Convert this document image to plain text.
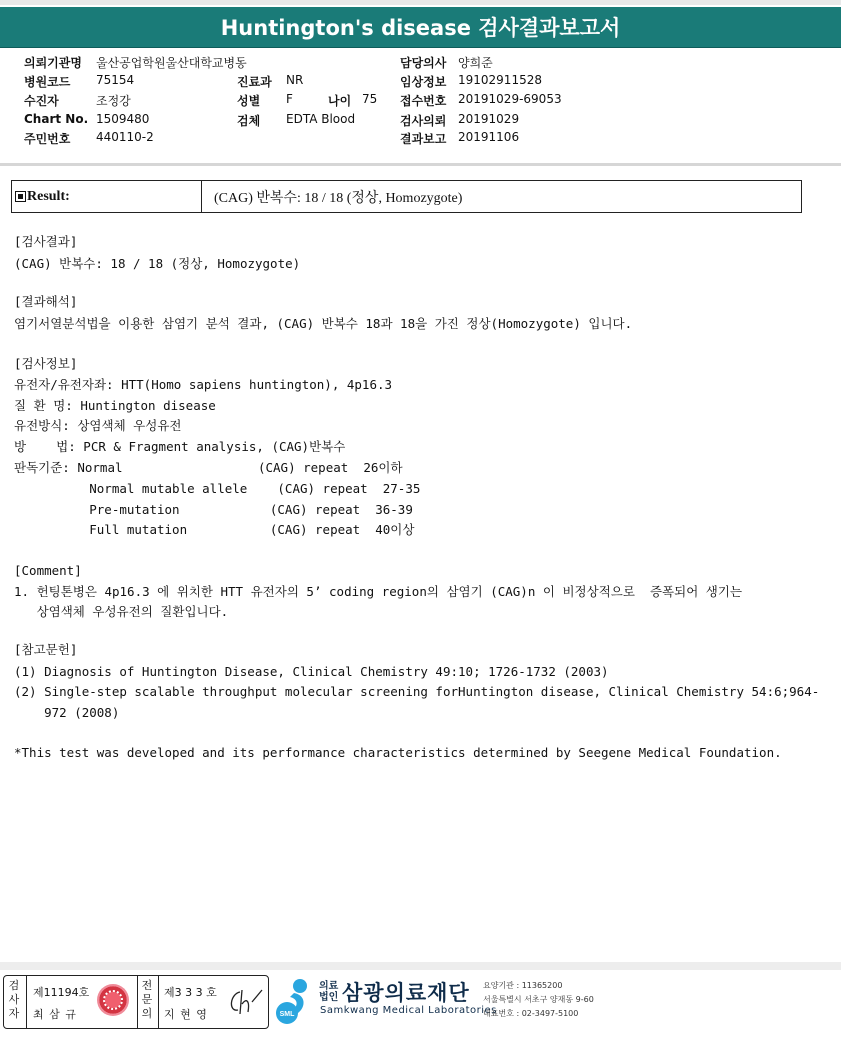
Huntington's disease 검사결과보고서
의뢰기관명 울산공업학원울산대학교병동
병원코드 75154
수진자	조정강
Chart No. 1509480
주민번호 440110-2
진료과 NR
성별 F	나이 75
검체 EDTA Blood
담당의사 양희준
임상정보 19102911528
접수번호 20191029-69053
검사의뢰 20191029
결과보고 20191106
Result:	(CAG) 반복수: 18 / 18 (정상, Homozygote)
[검사결과]
(CAG) 반복수: 18 / 18 (정상, Homozygote)
[결과해석]
염기서열분석법을 이용한 삼염기 분석 결과, (CAG) 반복수 18과 18을 가진 정상(Homozygote) 입니다.
[검사정보]
유전자/유전자좌: HTT(Homo sapiens huntington), 4p16.3
질 환 명: Huntington disease
유전방식: 상염색체 우성유전
방    법: PCR & Fragment analysis, (CAG)반복수
판독기준: Normal                  (CAG) repeat  26이하
Normal mutable allele    (CAG) repeat  27-35
Pre-mutation            (CAG) repeat  36-39
Full mutation           (CAG) repeat  40이상
[Comment]
1. 헌팅톤병은 4p16.3 에 위치한 HTT 유전자의 5’ coding region의 삼염기 (CAG)n 이 비정상적으로  증폭되어 생기는
상염색체 우성유전의 질환입니다.
[참고문헌]
(1) Diagnosis of Huntington Disease, Clinical Chemistry 49:10; 1726-1732 (2003)
(2) Single-step scalable throughput molecular screening forHuntington disease, Clinical Chemistry 54:6;964-
972 (2008)
*This test was developed and its performance characteristics determined by Seegene Medical Foundation.
검
사
자
제11194호
최 삼 규
전
문
의
제3 3 3 호
지 현 영	SML
의료
법인 삼광의료재단
Samkwang Medical Laboratories
요양기관 : 11365200
서울특별시 서초구 양재동 9-60
대표번호 : 02-3497-5100
